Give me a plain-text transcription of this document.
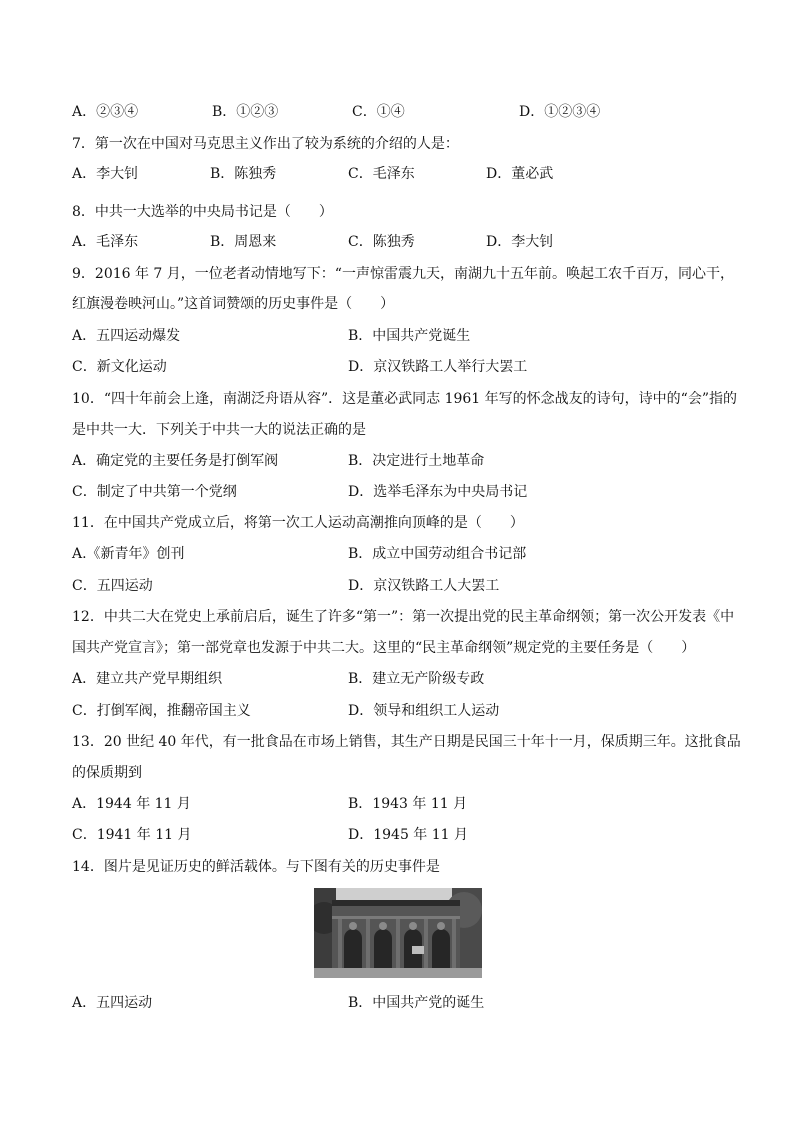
A．②③④	B．①②③	C．①④	D．①②③④
7．第一次在中国对马克思主义作出了较为系统的介绍的人是：
A．李大钊	B．陈独秀	C．毛泽东	D．董必武
8．中共一大选举的中央局书记是（　　）
A．毛泽东	B．周恩来	C．陈独秀	D．李大钊
9．2016 年 7 月，一位老者动情地写下：“一声惊雷震九天，南湖九十五年前。唤起工农千百万，同心干，
红旗漫卷映河山。”这首词赞颂的历史事件是（　　）
A．五四运动爆发	B．中国共产党诞生
C．新文化运动	D．京汉铁路工人举行大罢工
10．“四十年前会上逢，南湖泛舟语从容”．这是董必武同志 1961 年写的怀念战友的诗句，诗中的“会”指的
是中共一大．下列关于中共一大的说法正确的是
A．确定党的主要任务是打倒军阀	B．决定进行土地革命
C．制定了中共第一个党纲	D．选举毛泽东为中央局书记
11．在中国共产党成立后，将第一次工人运动高潮推向顶峰的是（　　）
A.《新青年》创刊	B．成立中国劳动组合书记部
C．五四运动	D．京汉铁路工人大罢工
12．中共二大在党史上承前启后，诞生了许多“第一”：第一次提出党的民主革命纲领；第一次公开发表《中
国共产党宣言》；第一部党章也发源于中共二大。这里的“民主革命纲领”规定党的主要任务是（　　）
A．建立共产党早期组织	B．建立无产阶级专政
C．打倒军阀，推翻帝国主义	D．领导和组织工人运动
13．20 世纪 40 年代，有一批食品在市场上销售，其生产日期是民国三十年十一月，保质期三年。这批食品
的保质期到
A．1944 年 11 月	B．1943 年 11 月
C．1941 年 11 月	D．1945 年 11 月
14．图片是见证历史的鲜活载体。与下图有关的历史事件是
A．五四运动	B．中国共产党的诞生
